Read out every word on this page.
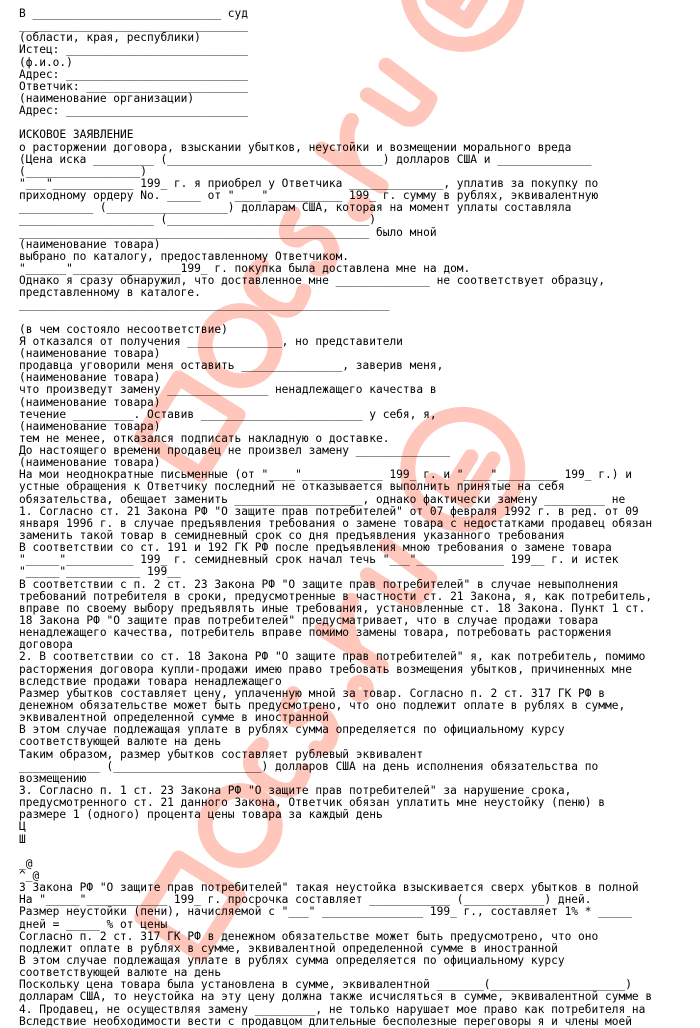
В ____________________________ суд
__________________________________
(области, края, республики)
Истец: ___________________________
(ф.и.о.)
Адрес: ___________________________
Ответчик: ________________________
(наименование организации)
Адрес: ___________________________
ИСКОВОЕ ЗАЯВЛЕНИЕ
о расторжении договора, взыскании убытков, неустойки и возмещении морального вреда
(Цена иска _________ (________________________________) долларов США и ______________
(_________________)
"___"____________ 199_ г. я приобрел у Ответчика ______________, уплатив за покупку по
приходному ордеру No. _____ от "____"___________ 199_ г. сумму в рублях, эквивалентную
___________ (__________________) долларам США, которая на момент уплаты составляла
____________________ (______________________________)
____________________________________________________ было мной
(наименование товара)
выбрано по каталогу, предоставленному Ответчиком.
"______"________________199_ г. покупка была доставлена мне на дом.
Однако я сразу обнаружил, что доставленное мне ______________ не соответствует образцу,
представленному в каталоге.
_______________________________________________________
(в чем состояло несоответствие)
Я отказался от получения ______________, но представители
(наименование товара)
продавца уговорили меня оставить _______________, заверив меня,
(наименование товара)
что произведут замену _______________ ненадлежащего качества в
(наименование товара)
течение _________. Оставив ________________________ у себя, я,
(наименование товара)
тем не менее, отказался подписать накладную о доставке.
До настоящего времени продавец не произвел замену ______________
(наименование товара)
На мои неоднократные письменные (от "____"____________ 199_ г. и "____"_________ 199_ г.) и
устные обращения к Ответчику последний не отказывается выполнить принятые на себя
обязательства, обещает заменить ___________________, однако фактически замену _________ не
1. Согласно ст. 21 Закона РФ "О защите прав потребителей" от 07 февраля 1992 г. в ред. от 09
января 1996 г. в случае предъявления требования о замене товара с недостатками продавец обязан
заменить такой товар в семидневный срок со дня предъявления указанного требования
В соответствии со ст. 191 и 192 ГК РФ после предъявления мною требования о замене товара
"_____"__________ 199_ г. семидневный срок начал течь "___"_____________ 199__ г. и истек
"_____"___________ 199__
В соответствии с п. 2 ст. 23 Закона РФ "О защите прав потребителей" в случае невыполнения
требований потребителя в сроки, предусмотренные в частности ст. 21 Закона, я, как потребитель,
вправе по своему выбору предъявлять иные требования, установленные ст. 18 Закона. Пункт 1 ст.
18 Закона РФ "О защите прав потребителей" предусматривает, что в случае продажи товара
ненадлежащего качества, потребитель вправе помимо замены товара, потребовать расторжения
договора
2. В соответствии со ст. 18 Закона РФ "О защите прав потребителей" я, как потребитель, помимо
расторжения договора купли-продажи имею право требовать возмещения убытков, причиненных мне
вследствие продажи товара ненадлежащего
Размер убытков составляет цену, уплаченную мной за товар. Согласно п. 2 ст. 317 ГК РФ в
денежном обязательстве может быть предусмотрено, что оно подлежит оплате в рублях в сумме,
эквивалентной определенной сумме в иностранной
В этом случае подлежащая уплате в рублях сумма определяется по официальному курсу
соответствующей валюте на день
Таким образом, размер убытков составляет рублевый эквивалент
____________ (______________________) долларов США на день исполнения обязательства по
возмещению
3. Согласно п. 1 ст. 23 Закона РФ "О защите прав потребителей" за нарушение срока,
предусмотренного ст. 21 данного Закона, Ответчик обязан уплатить мне неустойку (пеню) в
размере 1 (одного) процента цены товара за каждый день
Ц
Ш
_@
^_@
3 Закона РФ "О защите прав потребителей" такая неустойка взыскивается сверх убытков в полной
На "_____"____________ 199_ г. просрочка составляет ____________ (____________) дней.
Размер неустойки (пени), начисляемой с "___" _______________ 199_ г., составляет 1% * _____
дней = _____ % от цены
Согласно п. 2 ст. 317 ГК РФ в денежном обязательстве может быть предусмотрено, что оно
подлежит оплате в рублях в сумме, эквивалентной определенной сумме в иностранной
В этом случае подлежащая уплате в рублях сумма определяется по официальному курсу
соответствующей валюте на день
Поскольку цена товара была установлена в сумме, эквивалентной _______(____________________)
долларам США, то неустойка на эту цену должна также исчисляться в сумме, эквивалентной сумме в
4. Продавец, не осуществляя замену _________, не только нарушает мое право как потребителя на
Вследствие необходимости вести с продавцом длительные бесполезные переговоры я и члены моей
